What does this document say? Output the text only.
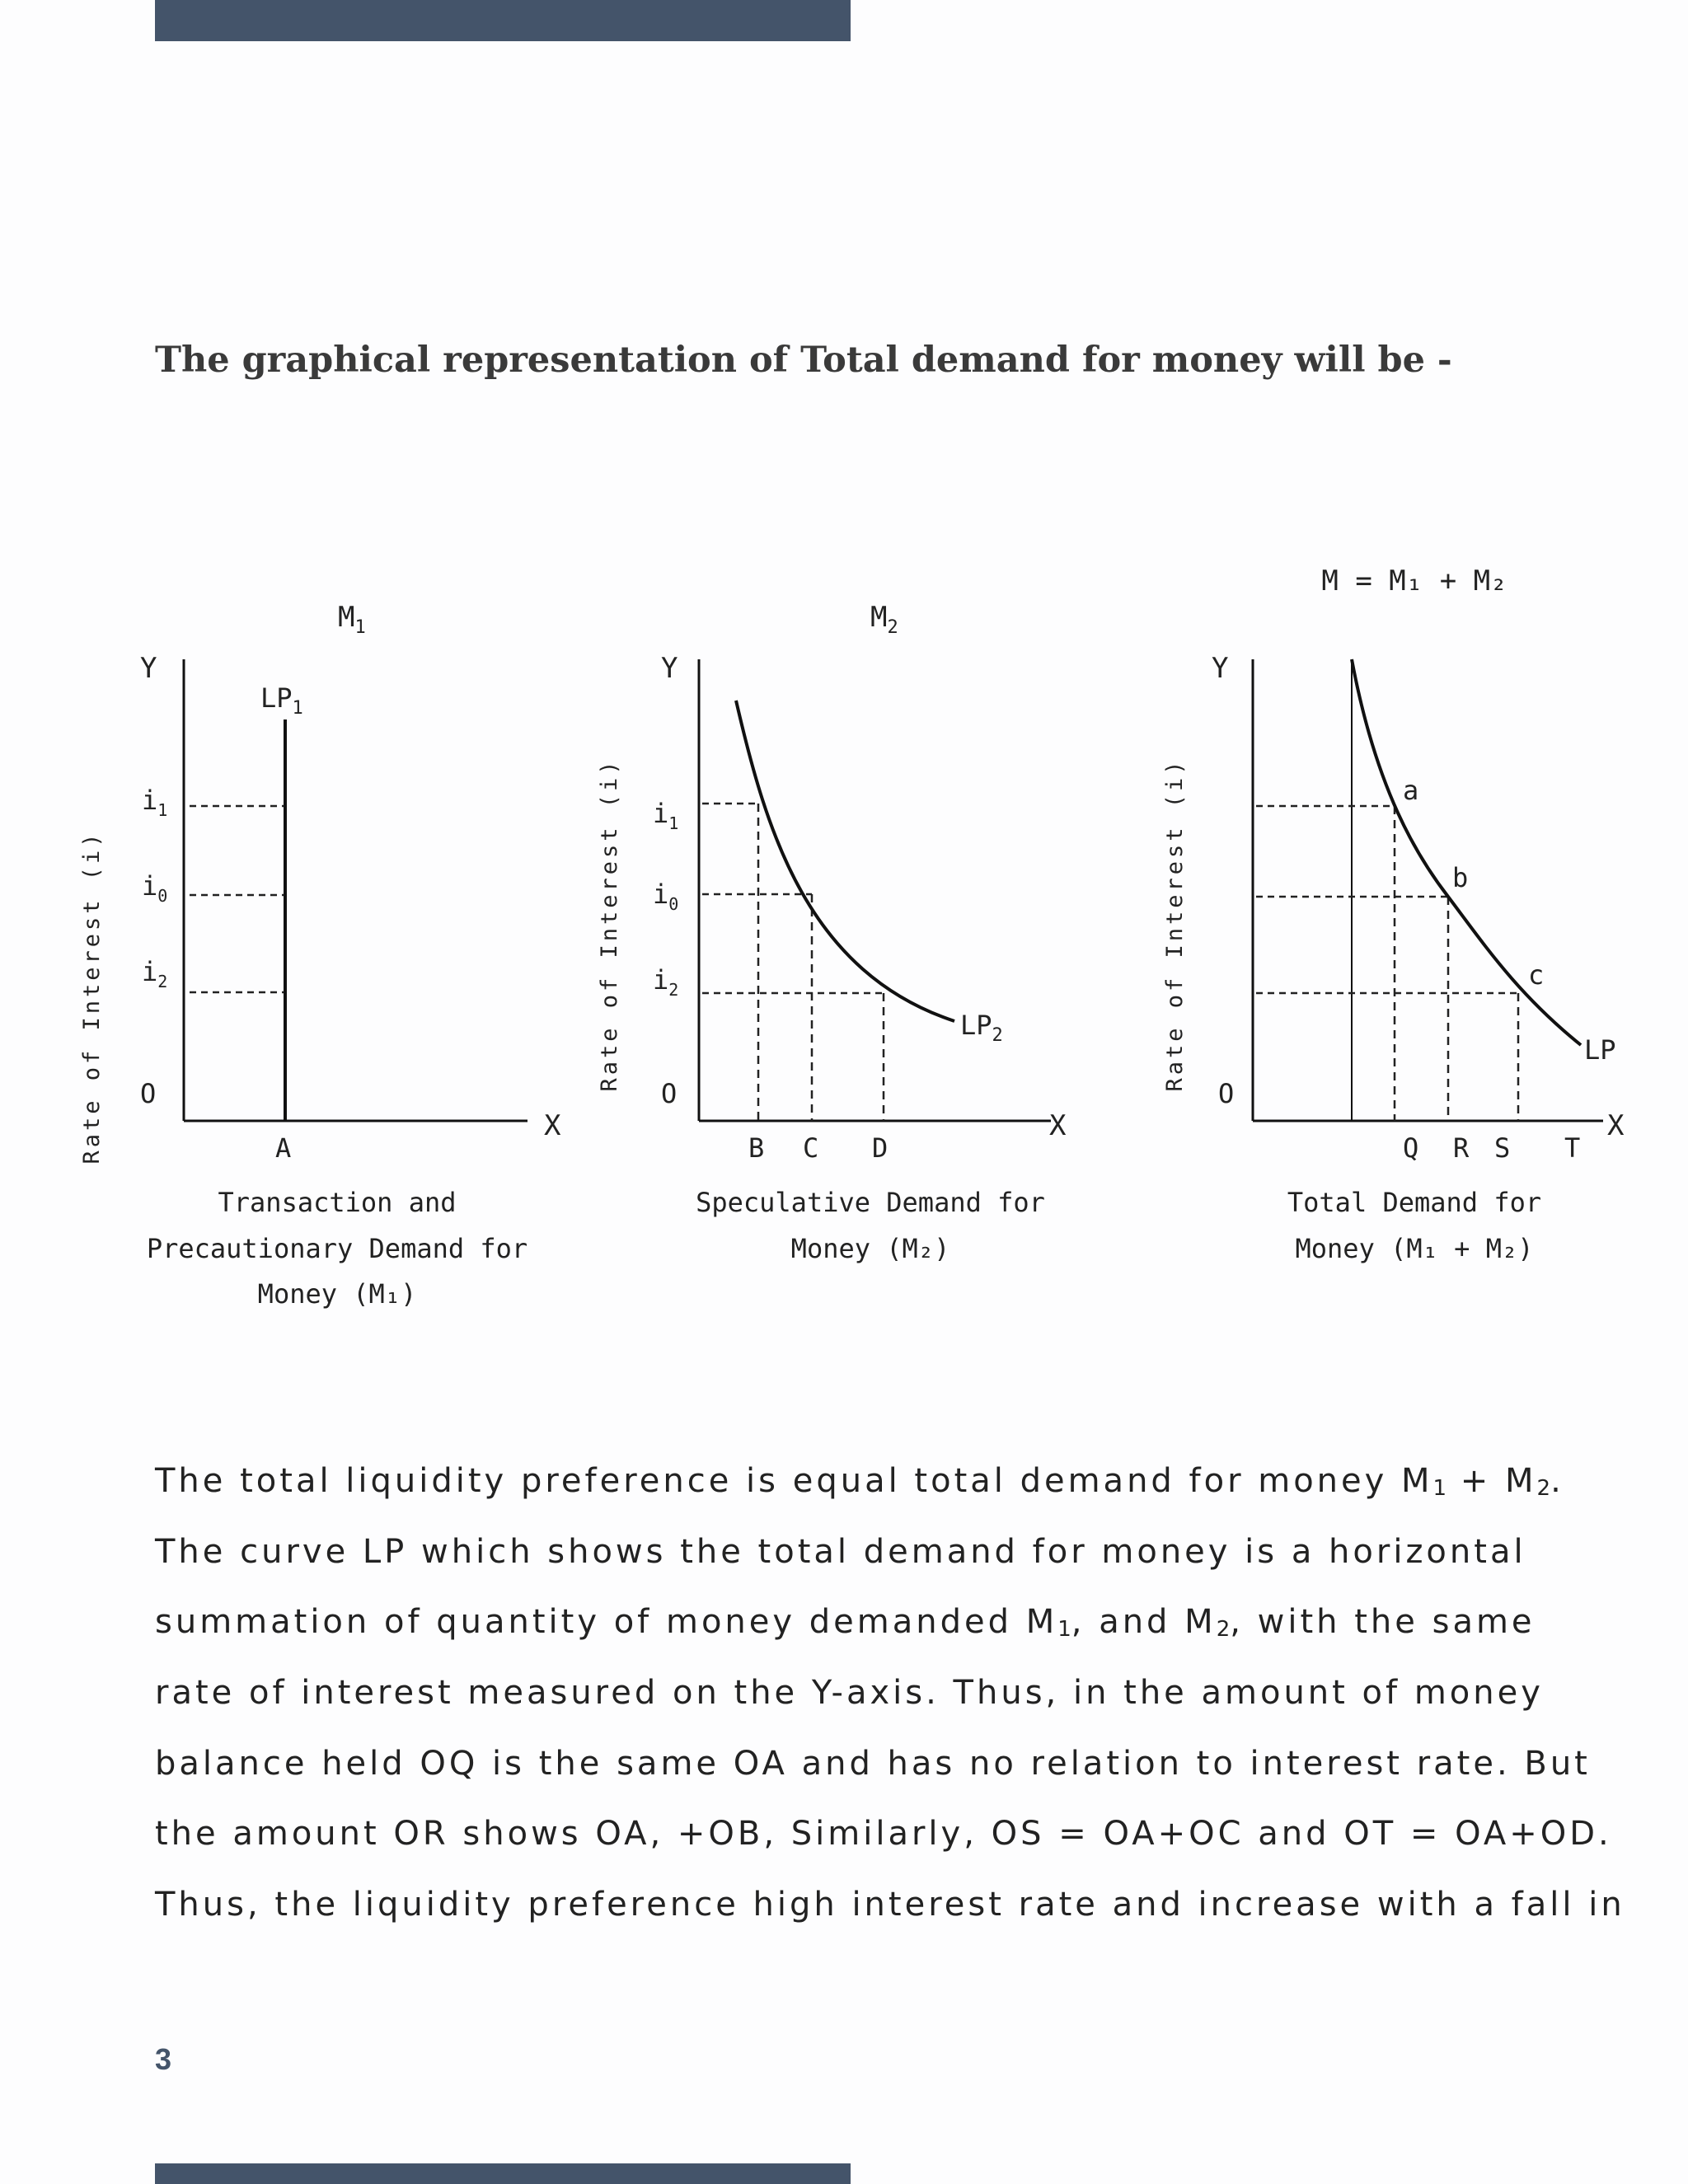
The graphical representation of Total demand for money will be -
$M_1$
Y
$LP_1$
Rate of Interest (i)	X
O
$i_1$
$i_0$
$i_2$
A
Transaction and
Precautionary Demand for
Money (M₁)
$M_2$
Y
Rate of Interest (i)
X
O
$i_1$
$i_0$
$i_2$
$LP_2$
B C D
Speculative Demand for
Money (M₂)
M = M₁ + M₂
Y
Rate of Interest (i)
X
O
a
b
c
LP
Q R S T
Total Demand for
Money (M₁ + M₂)
The total liquidity preference is equal total demand for money $M_1 + M_2$.
The curve LP which shows the total demand for money is a horizontal
summation of quantity of money demanded $M_1$, and $M_2$, with the same
rate of interest measured on the Y-axis. Thus, in the amount of money
balance held OQ is the same OA and has no relation to interest rate. But
the amount OR shows OA, +OB, Similarly, OS = OA+OC and OT = OA+OD.
Thus, the liquidity preference high interest rate and increase with a fall in
3
